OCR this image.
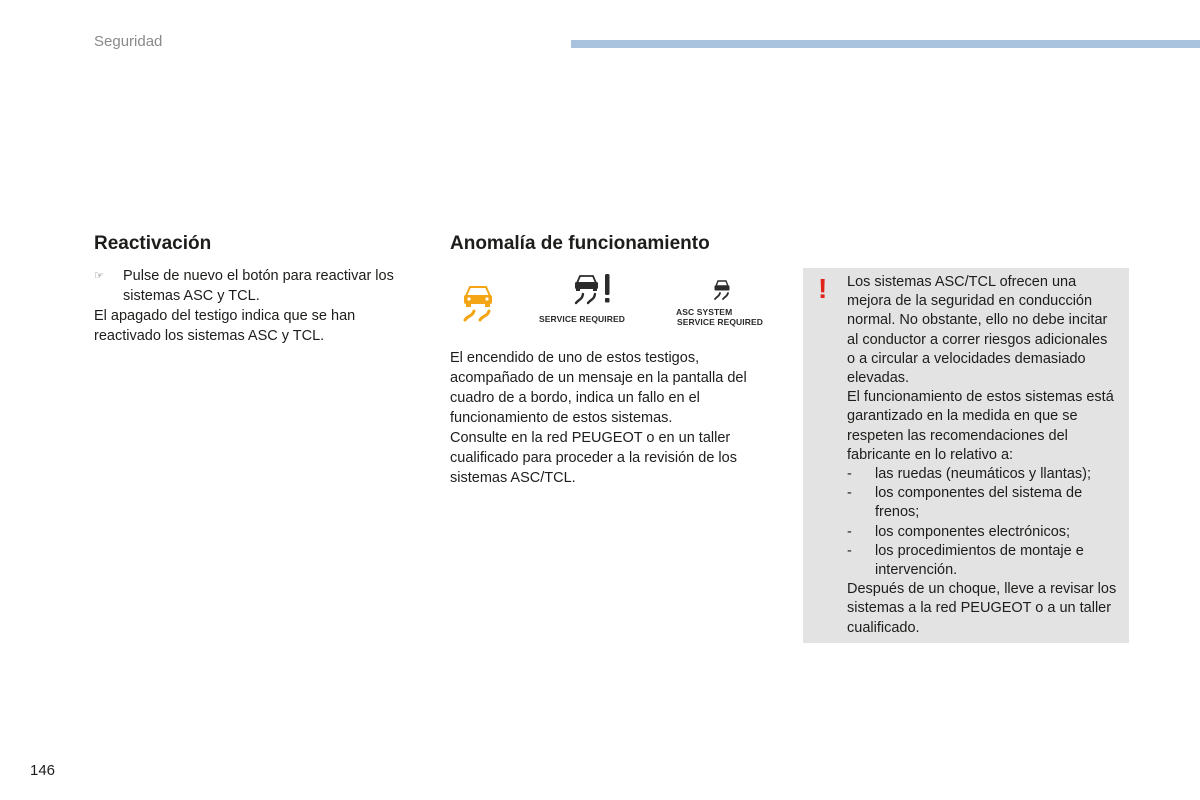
Seguridad
Reactivación

☞ Pulse de nuevo el botón para reactivar los sistemas ASC y TCL.

El apagado del testigo indica que se han reactivado los sistemas ASC y TCL.

Anomalía de funcionamiento
SERVICE REQUIRED
ASC SYSTEM
SERVICE REQUIRED

El encendido de uno de estos testigos, acompañado de un mensaje en la pantalla del cuadro de a bordo, indica un fallo en el funcionamiento de estos sistemas.

Consulte en la red PEUGEOT o en un taller cualificado para proceder a la revisión de los sistemas ASC/TCL.

! Los sistemas ASC/TCL ofrecen una mejora de la seguridad en conducción normal. No obstante, ello no debe incitar al conductor a correr riesgos adicionales o a circular a velocidades demasiado elevadas.

El funcionamiento de estos sistemas está garantizado en la medida en que se respeten las recomendaciones del fabricante en lo relativo a:

- las ruedas (neumáticos y llantas);

- los componentes del sistema de frenos;

- los componentes electrónicos;

- los procedimientos de montaje e intervención.

Después de un choque, lleve a revisar los sistemas a la red PEUGEOT o a un taller cualificado.

146
